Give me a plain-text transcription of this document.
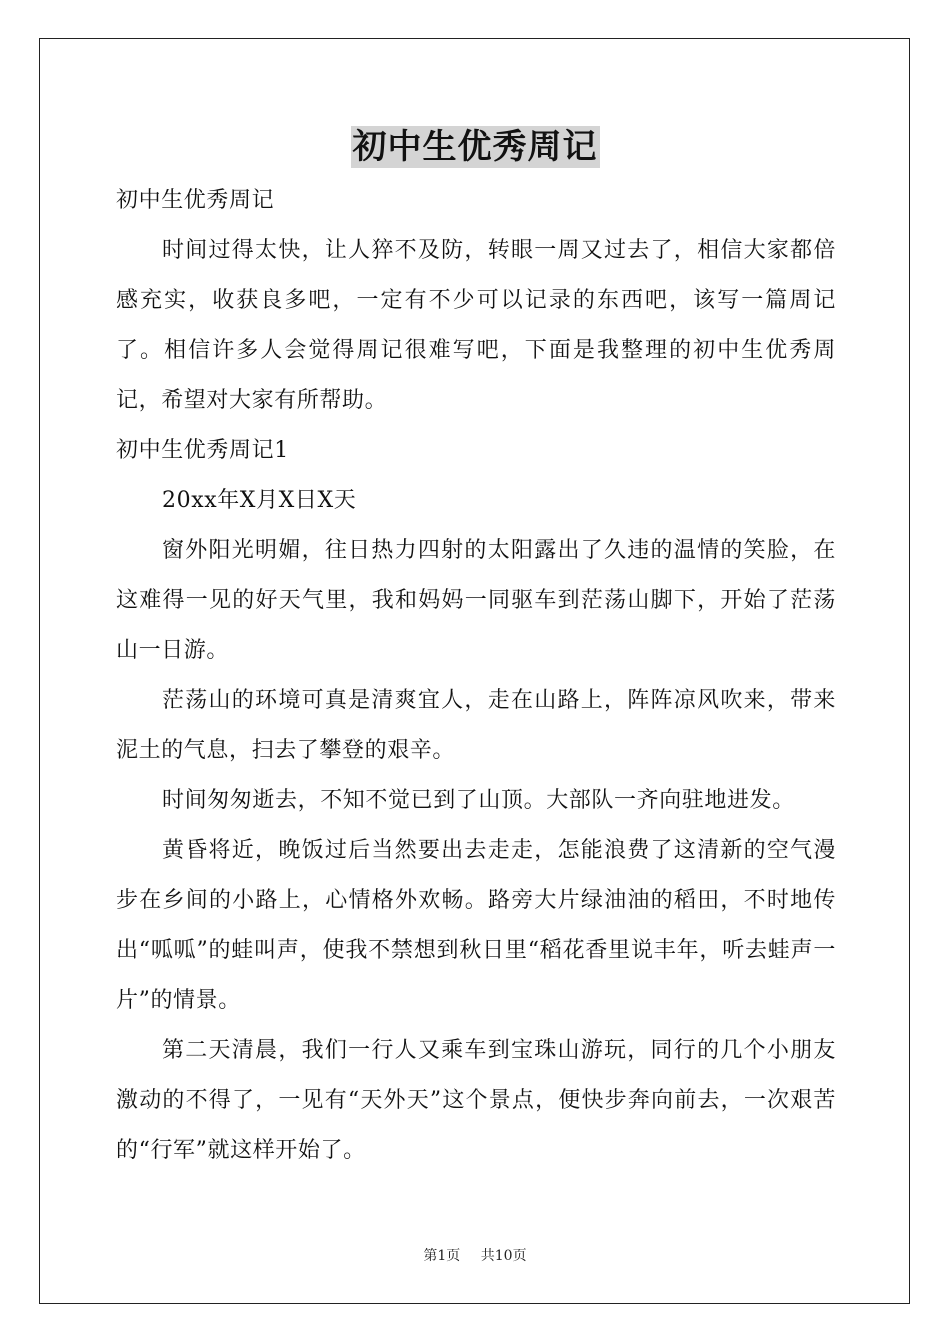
初中生优秀周记

初中生优秀周记

时间过得太快，让人猝不及防，转眼一周又过去了，相信大家都倍感充实，收获良多吧，一定有不少可以记录的东西吧，该写一篇周记了。相信许多人会觉得周记很难写吧，下面是我整理的初中生优秀周记，希望对大家有所帮助。

初中生优秀周记1

20xx年X月X日X天

窗外阳光明媚，往日热力四射的太阳露出了久违的温情的笑脸，在这难得一见的好天气里，我和妈妈一同驱车到茫荡山脚下，开始了茫荡山一日游。

茫荡山的环境可真是清爽宜人，走在山路上，阵阵凉风吹来，带来泥土的气息，扫去了攀登的艰辛。

时间匆匆逝去，不知不觉已到了山顶。大部队一齐向驻地进发。

黄昏将近，晚饭过后当然要出去走走，怎能浪费了这清新的空气漫步在乡间的小路上，心情格外欢畅。路旁大片绿油油的稻田，不时地传出“呱呱”的蛙叫声，使我不禁想到秋日里“稻花香里说丰年，听去蛙声一片”的情景。

第二天清晨，我们一行人又乘车到宝珠山游玩，同行的几个小朋友激动的不得了，一见有“天外天”这个景点，便快步奔向前去，一次艰苦的“行军”就这样开始了。

第1页 共10页
